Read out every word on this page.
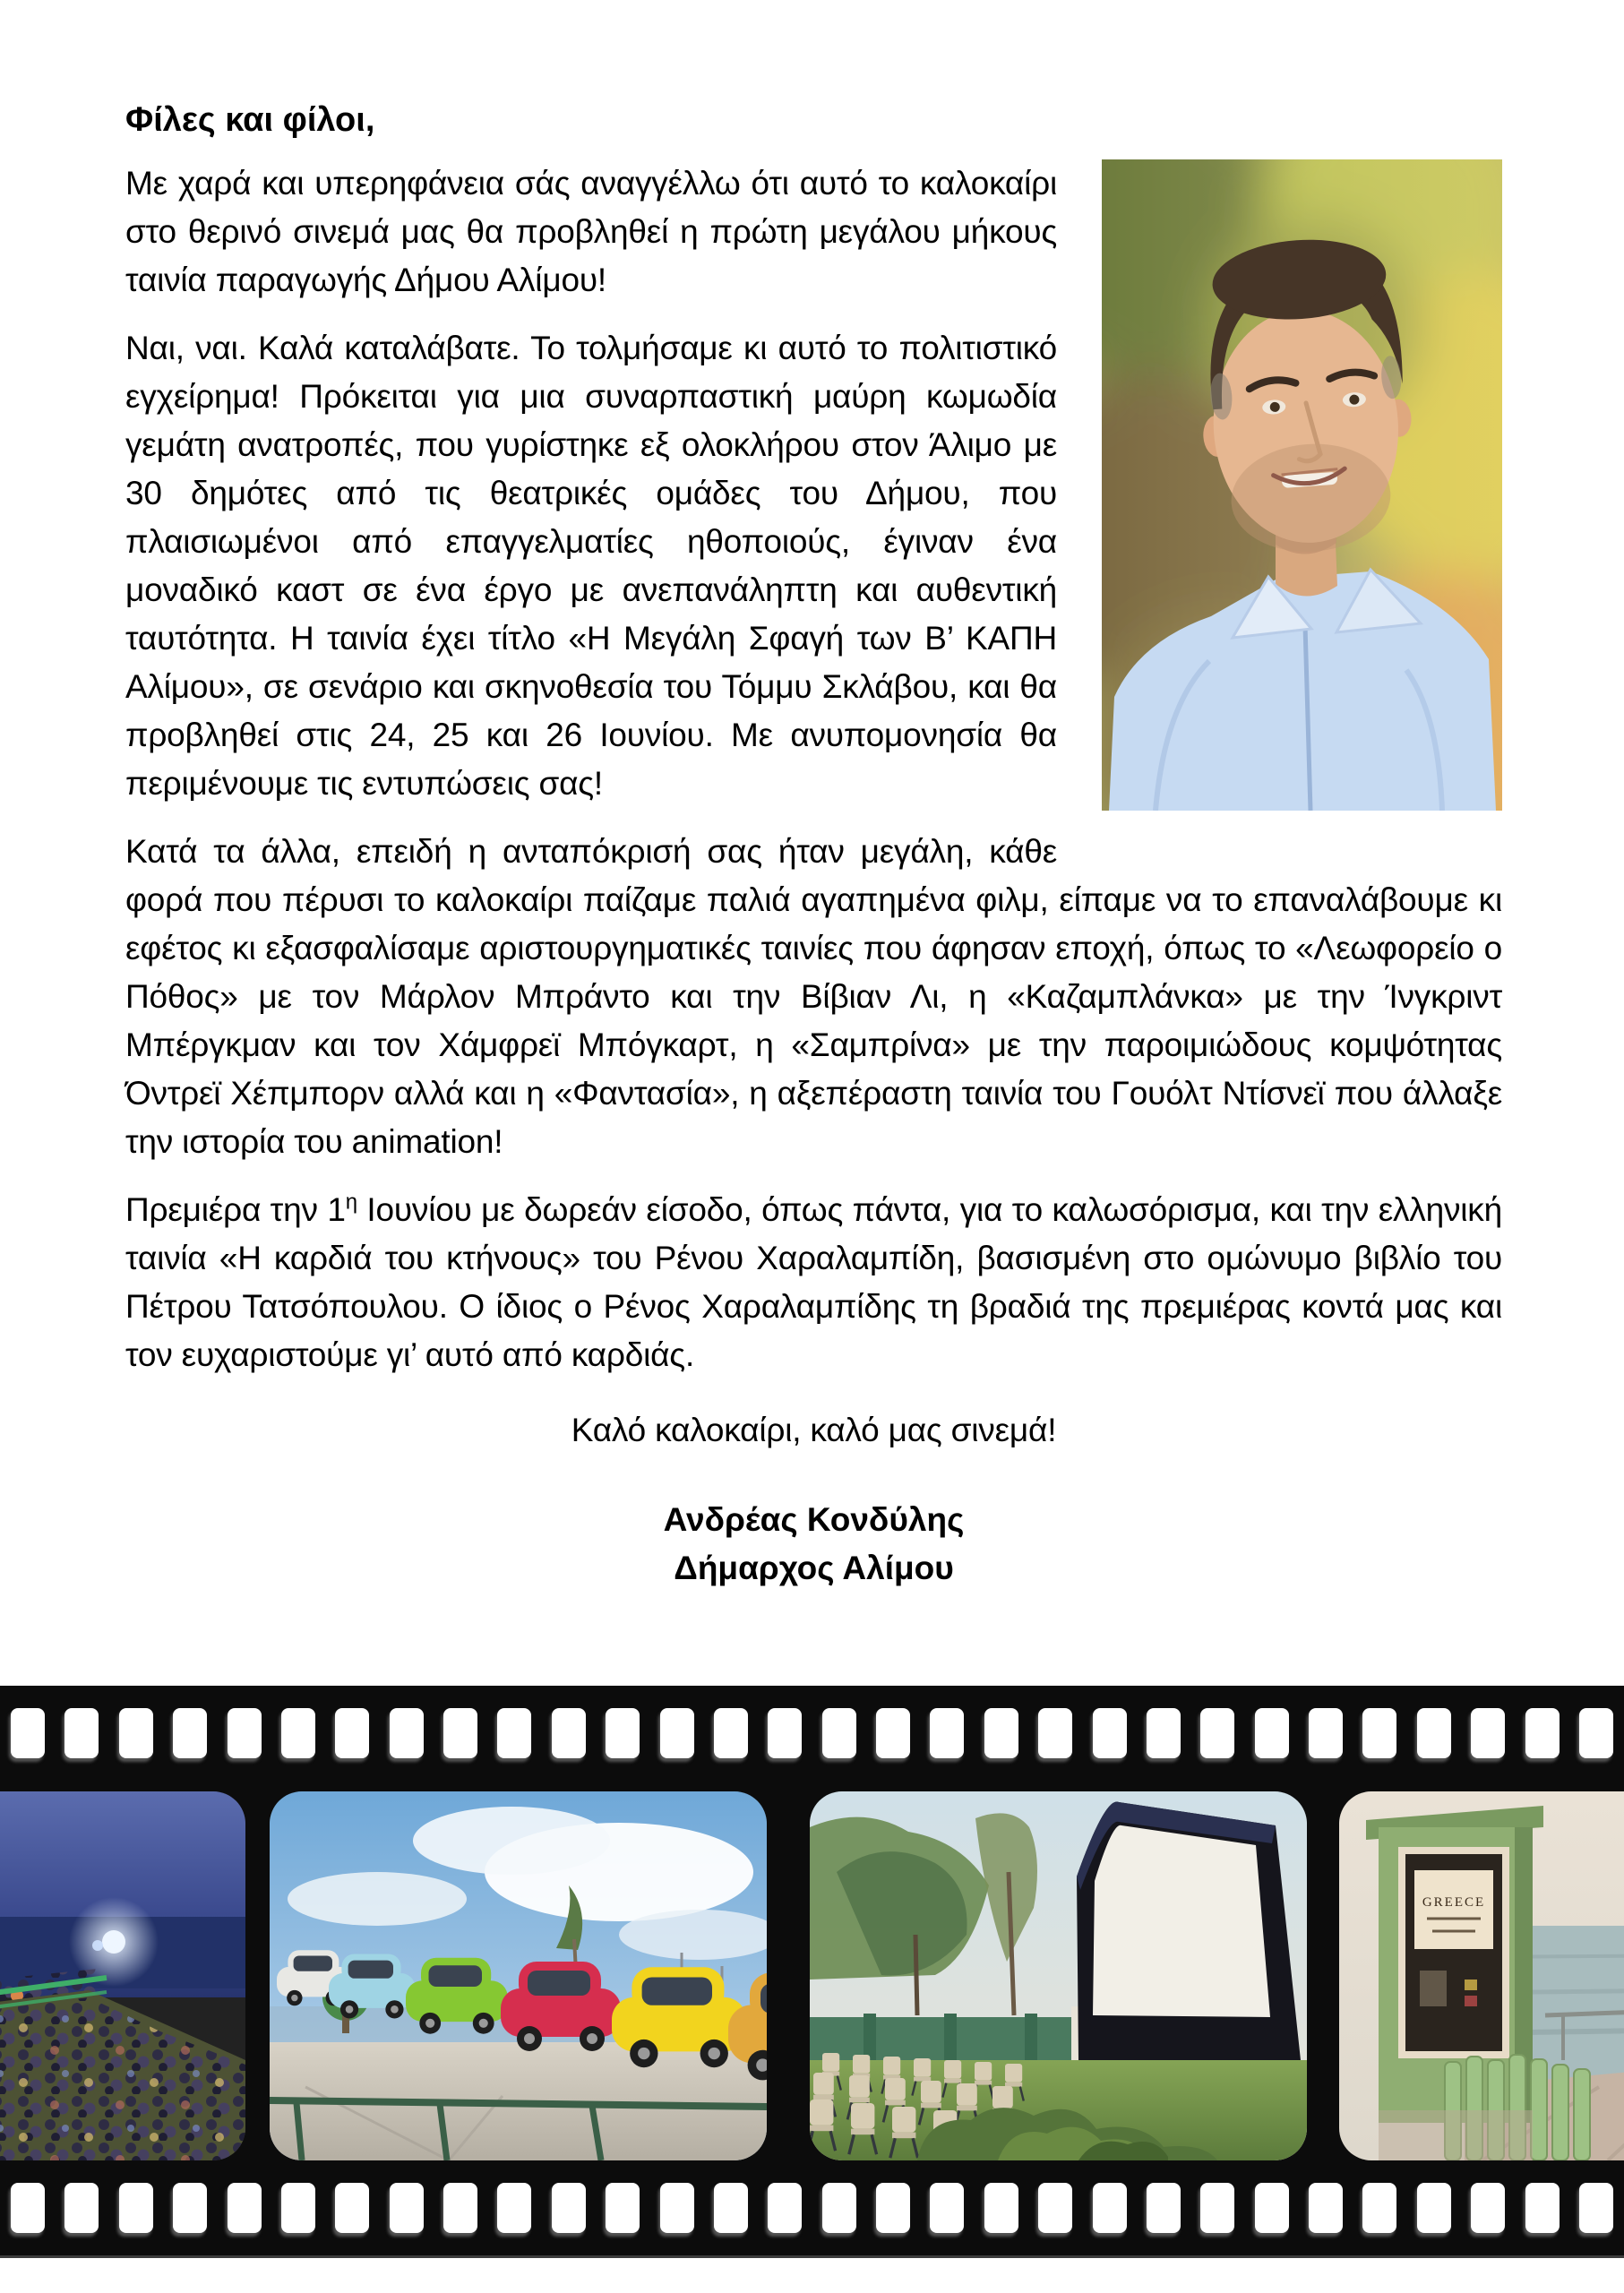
Φίλες και φίλοι,

Με χαρά και υπερηφάνεια σάς αναγγέλλω ότι αυτό το καλοκαίρι στο θερινό σινεμά μας θα προβληθεί η πρώτη μεγάλου μήκους ταινία παραγωγής Δήμου Αλίμου!

Ναι, ναι. Καλά καταλάβατε. Το τολμήσαμε κι αυτό το πολιτιστικό εγχείρημα! Πρόκειται για μια συναρπαστική μαύρη κωμωδία γεμάτη ανατροπές, που γυρίστηκε εξ ολοκλήρου στον Άλιμο με 30 δημότες από τις θεατρικές ομάδες του Δήμου, που πλαισιωμένοι από επαγγελματίες ηθοποιούς, έγιναν ένα μοναδικό καστ σε ένα έργο με ανεπανάληπτη και αυθεντική ταυτότητα. Η ταινία έχει τίτλο «Η Μεγάλη Σφαγή των Β’ ΚΑΠΗ Αλίμου», σε σενάριο και σκηνοθεσία του Τόμμυ Σκλάβου, και θα προβληθεί στις 24, 25 και 26 Ιουνίου. Με ανυπομονησία θα περιμένουμε τις εντυπώσεις σας!

Κατά τα άλλα, επειδή η ανταπόκρισή σας ήταν μεγάλη, κάθε φορά που πέρυσι το καλοκαίρι παίζαμε παλιά αγαπημένα φιλμ, είπαμε να το επαναλάβουμε κι εφέτος κι εξασφαλίσαμε αριστουργηματικές ταινίες που άφησαν εποχή, όπως το «Λεωφορείο ο Πόθος» με τον Μάρλον Μπράντο και την Βίβιαν Λι, η «Καζαμπλάνκα» με την Ίνγκριντ Μπέργκμαν και τον Χάμφρεϊ Μπόγκαρτ, η «Σαμπρίνα» με την παροιμιώδους κομψότητας Όντρεϊ Χέπμπορν αλλά και η «Φαντασία», η αξεπέραστη ταινία του Γουόλτ Ντίσνεϊ που άλλαξε την ιστορία του animation!

Πρεμιέρα την $1^\eta$ Ιουνίου με δωρεάν είσοδο, όπως πάντα, για το καλωσόρισμα, και την ελληνική ταινία «Η καρδιά του κτήνους» του Ρένου Χαραλαμπίδη, βασισμένη στο ομώνυμο βιβλίο του Πέτρου Τατσόπουλου. Ο ίδιος ο Ρένος Χαραλαμπίδης τη βραδιά της πρεμιέρας κοντά μας και τον ευχαριστούμε γι’ αυτό από καρδιάς.

Καλό καλοκαίρι, καλό μας σινεμά!

Ανδρέας Κονδύλης
Δήμαρχος Αλίμου
GREECE
